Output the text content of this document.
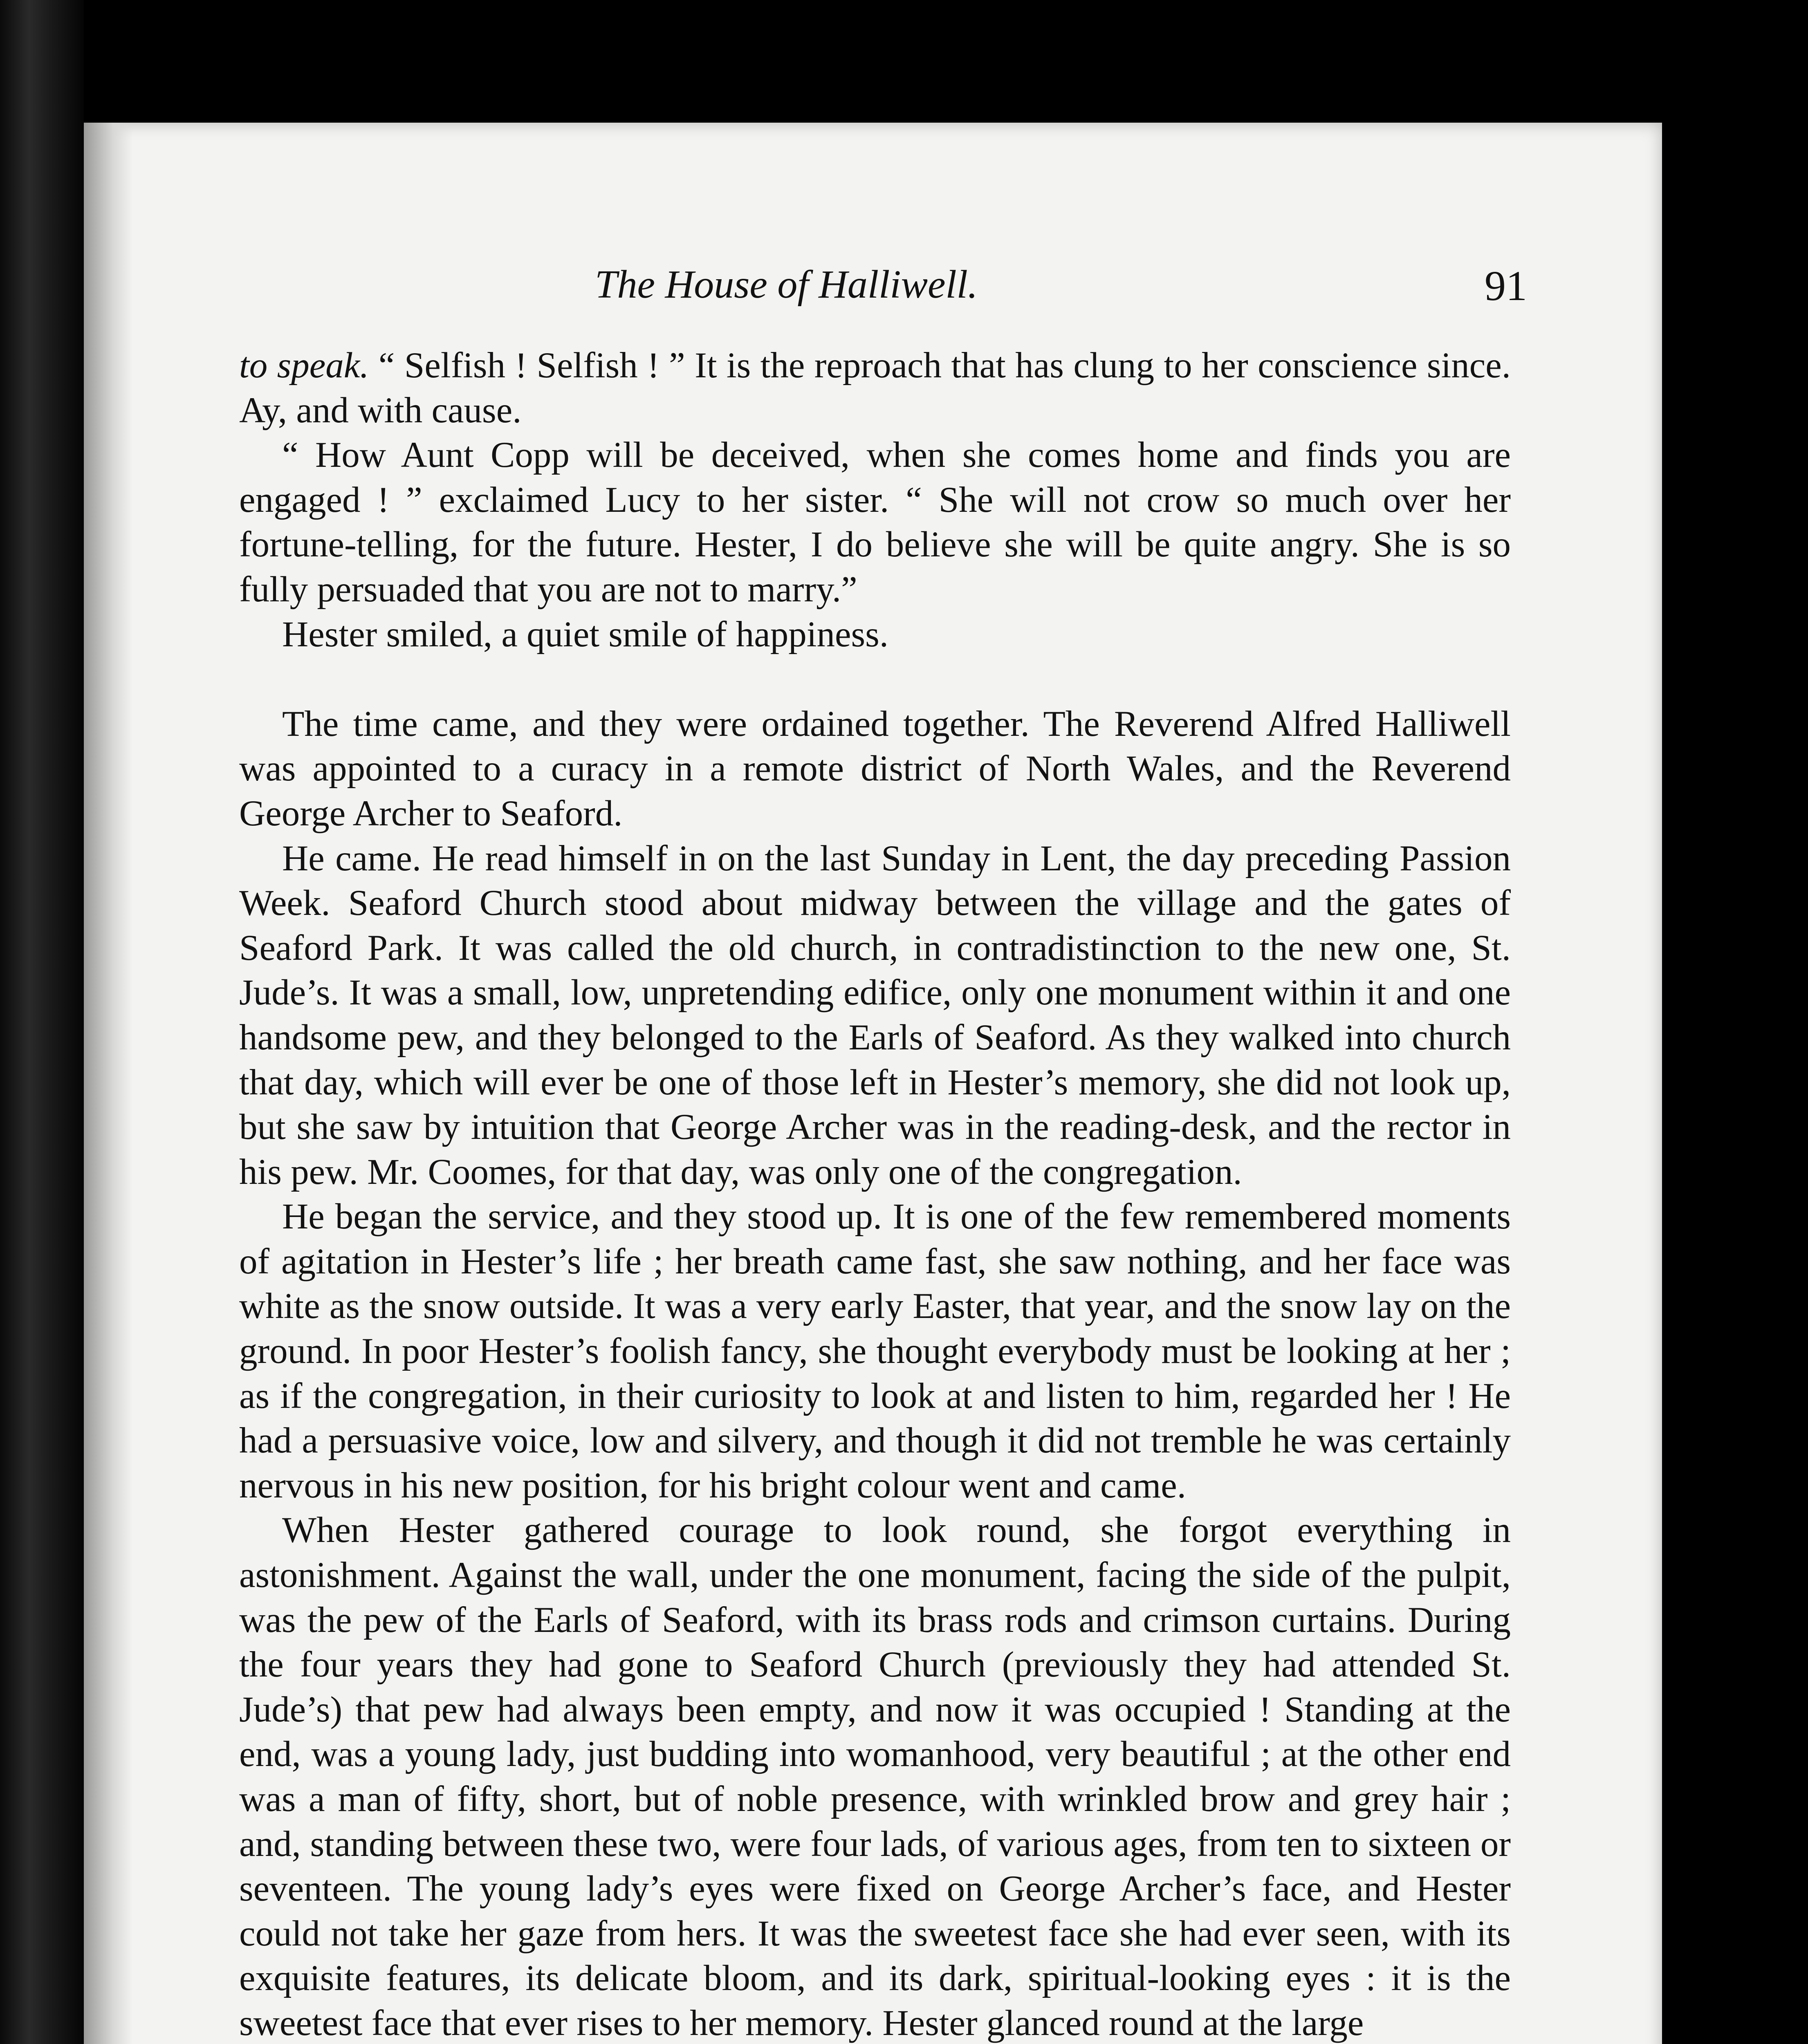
The House of Halliwell.	91

to speak. “ Selfish ! Selfish ! ” It is the reproach that has clung to her conscience since. Ay, and with cause.

“ How Aunt Copp will be deceived, when she comes home and finds you are engaged ! ” exclaimed Lucy to her sister. “ She will not crow so much over her fortune-telling, for the future. Hester, I do believe she will be quite angry. She is so fully persuaded that you are not to marry.”

Hester smiled, a quiet smile of happiness.

The time came, and they were ordained together. The Reverend Alfred Halliwell was appointed to a curacy in a remote district of North Wales, and the Reverend George Archer to Seaford.

He came. He read himself in on the last Sunday in Lent, the day preceding Passion Week. Seaford Church stood about midway between the village and the gates of Seaford Park. It was called the old church, in contradistinction to the new one, St. Jude’s. It was a small, low, unpretending edifice, only one monument within it and one handsome pew, and they belonged to the Earls of Seaford. As they walked into church that day, which will ever be one of those left in Hester’s memory, she did not look up, but she saw by intuition that George Archer was in the reading-desk, and the rector in his pew. Mr. Coomes, for that day, was only one of the congregation.

He began the service, and they stood up. It is one of the few remembered moments of agitation in Hester’s life ; her breath came fast, she saw nothing, and her face was white as the snow outside. It was a very early Easter, that year, and the snow lay on the ground. In poor Hester’s foolish fancy, she thought everybody must be looking at her ; as if the congregation, in their curiosity to look at and listen to him, regarded her ! He had a persuasive voice, low and silvery, and though it did not tremble he was certainly nervous in his new position, for his bright colour went and came.

When Hester gathered courage to look round, she forgot everything in astonishment. Against the wall, under the one monument, facing the side of the pulpit, was the pew of the Earls of Seaford, with its brass rods and crimson curtains. During the four years they had gone to Seaford Church (previously they had attended St. Jude’s) that pew had always been empty, and now it was occupied ! Standing at the end, was a young lady, just budding into womanhood, very beautiful ; at the other end was a man of fifty, short, but of noble presence, with wrinkled brow and grey hair ; and, standing between these two, were four lads, of various ages, from ten to sixteen or seventeen. The young lady’s eyes were fixed on George Archer’s face, and Hester could not take her gaze from hers. It was the sweetest face she had ever seen, with its exquisite features, its delicate bloom, and its dark, spiritual-looking eyes : it is the sweetest face that ever rises to her memory. Hester glanced round at the large
